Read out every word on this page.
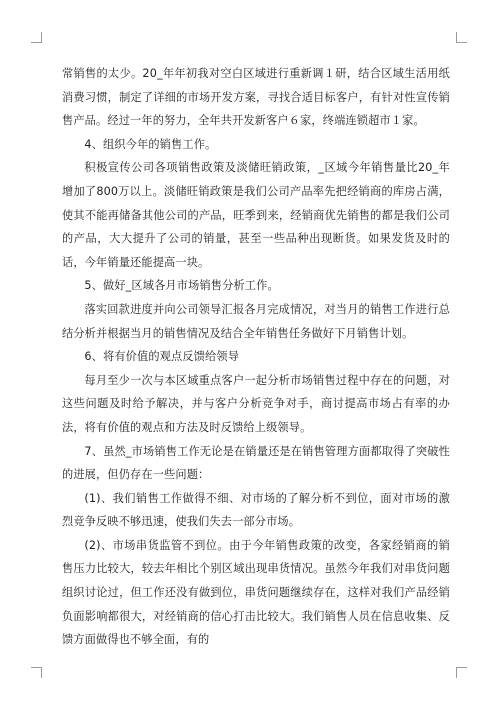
常销售的太少。20_年年初我对空白区域进行重新调１研，结合区域生活用纸消费习惯，制定了详细的市场开发方案，寻找合适目标客户，有针对性宣传销售产品。经过一年的努力，全年共开发新客户６家，终端连锁超市１家。

4、组织今年的销售工作。

积极宣传公司各项销售政策及淡储旺销政策，_区域今年销售量比20_年增加了800万以上。淡储旺销政策是我们公司产品率先把经销商的库房占满，使其不能再储备其他公司的产品，旺季到来，经销商优先销售的都是我们公司的产品，大大提升了公司的销量，甚至一些品种出现断货。如果发货及时的话，今年销量还能提高一块。

5、做好_区域各月市场销售分析工作。

落实回款进度并向公司领导汇报各月完成情况，对当月的销售工作进行总结分析并根据当月的销售情况及结合全年销售任务做好下月销售计划。

6、将有价值的观点反馈给领导

每月至少一次与本区域重点客户一起分析市场销售过程中存在的问题，对这些问题及时给予解决，并与客户分析竞争对手，商讨提高市场占有率的办法，将有价值的观点和方法及时反馈给上级领导。

7、虽然_市场销售工作无论是在销量还是在销售管理方面都取得了突破性的进展，但仍存在一些问题：

(1)、我们销售工作做得不细、对市场的了解分析不到位，面对市场的激烈竞争反映不够迅速，使我们失去一部分市场。

(2)、市场串货监管不到位。由于今年销售政策的改变，各家经销商的销售压力比较大，较去年相比个别区域出现串货情况。虽然今年我们对串货问题组织讨论过，但工作还没有做到位，串货问题继续存在，这样对我们产品经销负面影响都很大，对经销商的信心打击比较大。我们销售人员在信息收集、反馈方面做得也不够全面，有的
